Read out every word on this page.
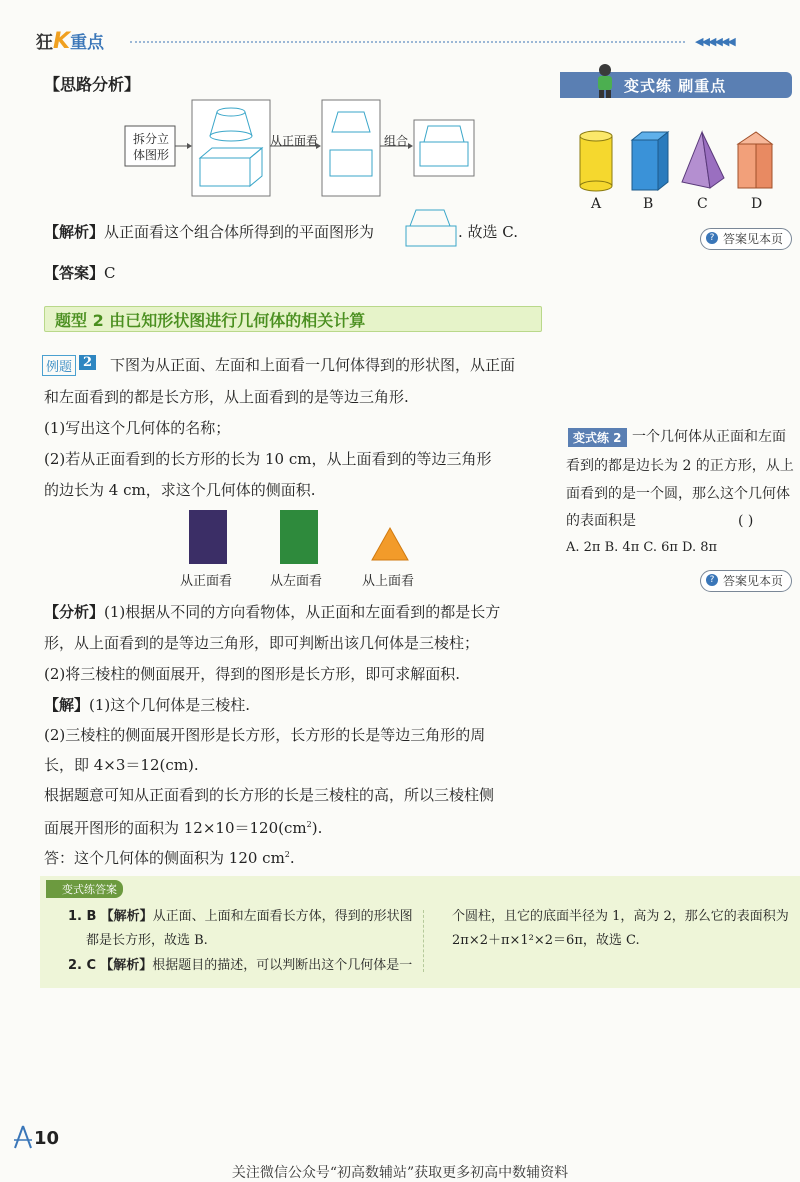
狂K重点	◀◀◀◀◀◀
【思路分析】
拆分立
体图形
从正面看	组合
【解析】从正面看这个组合体所得到的平面图形为	. 故选 C.
【答案】C
题型 2 由已知形状图进行几何体的相关计算
例题 2 下图为从正面、左面和上面看一几何体得到的形状图，从正面
和左面看到的都是长方形，从上面看到的是等边三角形.
(1)写出这个几何体的名称；
(2)若从正面看到的长方形的长为 10 cm，从上面看到的等边三角形
的边长为 4 cm，求这个几何体的侧面积.
从正面看	从左面看	从上面看
【分析】(1)根据从不同的方向看物体，从正面和左面看到的都是长方
形，从上面看到的是等边三角形，即可判断出该几何体是三棱柱；
(2)将三棱柱的侧面展开，得到的图形是长方形，即可求解面积.
【解】(1)这个几何体是三棱柱.
(2)三棱柱的侧面展开图形是长方形，长方形的长是等边三角形的周
长，即 4×3＝12(cm).
根据题意可知从正面看到的长方形的长是三棱柱的高，所以三棱柱侧
面展开图形的面积为 $12\times 10=120(cm^2)$.
答：这个几何体的侧面积为 120 $cm^2$.
变式练 刷重点
A	B	C	D
? 答案见本页
变式练 2 一个几何体从正面和左面
看到的都是边长为 2 的正方形，从上
面看到的是一个圆，那么这个几何体
的表面积是	( )
A. 2π B. 4π C. 6π D. 8π
? 答案见本页
变式练答案
1. B 【解析】从正面、上面和左面看长方体，得到的形状图
都是长方形，故选 B.
2. C 【解析】根据题目的描述，可以判断出这个几何体是一
个圆柱，且它的底面半径为 1，高为 2，那么它的表面积为
2π×2＋π×1²×2＝6π，故选 C.
10
关注微信公众号“初高数辅站”获取更多初高中数辅资料
